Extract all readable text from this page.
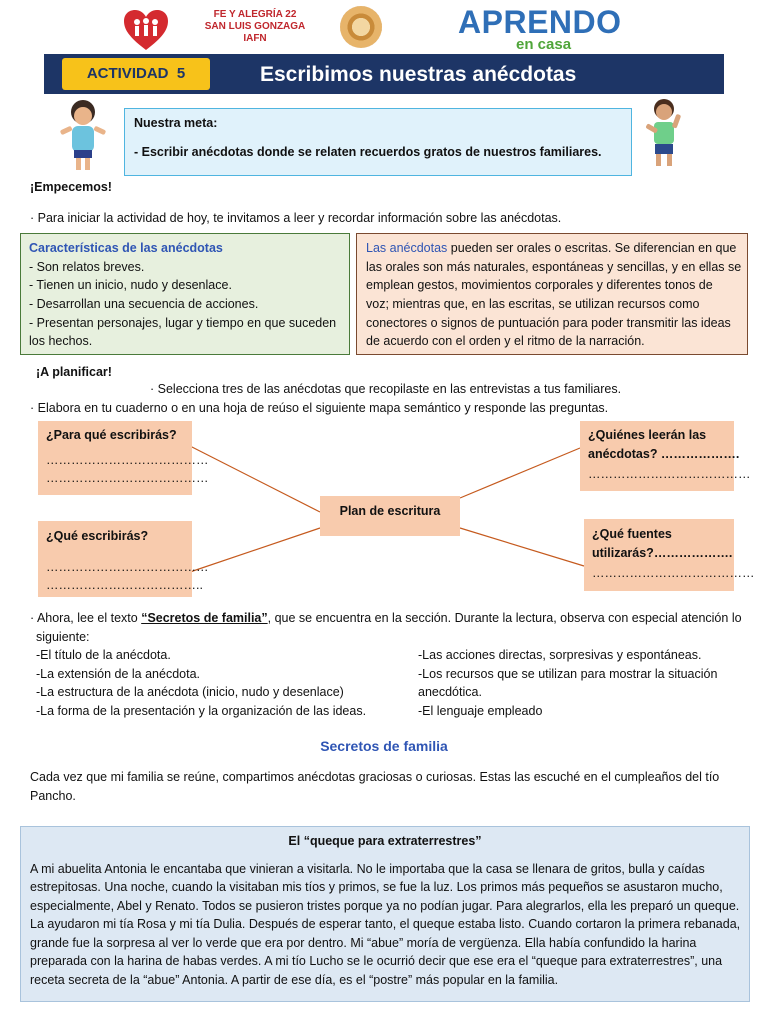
FE Y ALEGRÍA 22
SAN LUIS GONZAGA
IAFN	APRENDO
en casa
ACTIVIDAD 5	Escribimos nuestras anécdotas
Nuestra meta:
- Escribir anécdotas donde se relaten recuerdos gratos de nuestros familiares.
¡Empecemos!
· Para iniciar la actividad de hoy, te invitamos a leer y recordar información sobre las anécdotas.
Características de las anécdotas
- Son relatos breves.
- Tienen un inicio, nudo y desenlace.
- Desarrollan una secuencia de acciones.
- Presentan personajes, lugar y tiempo en que suceden
los hechos.
Las anécdotas pueden ser orales o escritas. Se diferencian en que
las orales son más naturales, espontáneas y sencillas, y en ellas se
emplean gestos, movimientos corporales y diferentes tonos de
voz; mientras que, en las escritas, se utilizan recursos como
conectores o signos de puntuación para poder transmitir las ideas
de acuerdo con el orden y el ritmo de la narración.
¡A planificar!
· Selecciona tres de las anécdotas que recopilaste en las entrevistas a tus familiares.
· Elabora en tu cuaderno o en una hoja de reúso el siguiente mapa semántico y responde las preguntas.
¿Para qué escribirás?
…………………………………
…………………………………
¿Qué escribirás?
…………………………………
………………………………..
Plan de escritura
¿Quiénes leerán las
anécdotas? ……………….
…………………………………
¿Qué fuentes
utilizarás?……………….
…………………………………
· Ahora, lee el texto “Secretos de familia”, que se encuentra en la sección. Durante la lectura, observa con especial atención lo
siguiente:
-El título de la anécdota.
-La extensión de la anécdota.
-La estructura de la anécdota (inicio, nudo y desenlace)
-La forma de la presentación y la organización de las ideas.
-Las acciones directas, sorpresivas y espontáneas.
-Los recursos que se utilizan para mostrar la situación
anecdótica.
-El lenguaje empleado
Secretos de familia
Cada vez que mi familia se reúne, compartimos anécdotas graciosas o curiosas. Estas las escuché en el cumpleaños del tío
Pancho.
El “queque para extraterrestres”
A mi abuelita Antonia le encantaba que vinieran a visitarla. No le importaba que la casa se llenara de gritos, bulla y caídas
estrepitosas. Una noche, cuando la visitaban mis tíos y primos, se fue la luz. Los primos más pequeños se asustaron mucho,
especialmente, Abel y Renato. Todos se pusieron tristes porque ya no podían jugar. Para alegrarlos, ella les preparó un queque.
La ayudaron mi tía Rosa y mi tía Dulia. Después de esperar tanto, el queque estaba listo. Cuando cortaron la primera rebanada,
grande fue la sorpresa al ver lo verde que era por dentro. Mi “abue” moría de vergüenza. Ella había confundido la harina
preparada con la harina de habas verdes. A mi tío Lucho se le ocurrió decir que ese era el “queque para extraterrestres”, una
receta secreta de la “abue” Antonia. A partir de ese día, es el “postre” más popular en la familia.
